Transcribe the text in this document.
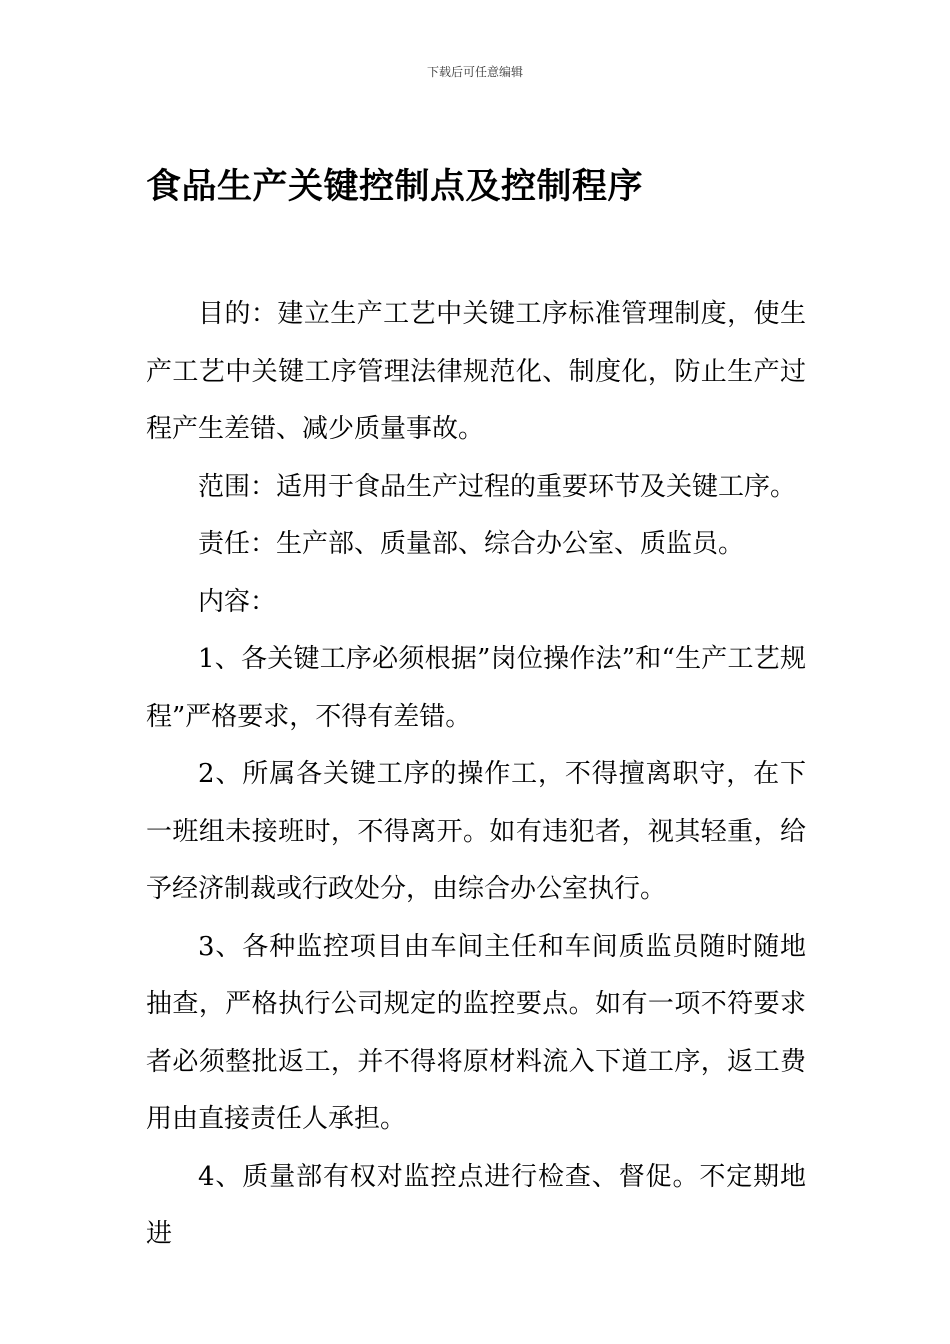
下载后可任意编辑
食品生产关键控制点及控制程序

目的：建立生产工艺中关键工序标准管理制度，使生产工艺中关键工序管理法律规范化、制度化，防止生产过程产生差错、减少质量事故。

范围：适用于食品生产过程的重要环节及关键工序。

责任：生产部、质量部、综合办公室、质监员。

内容：

1、各关键工序必须根据”岗位操作法”和“生产工艺规程”严格要求，不得有差错。

2、所属各关键工序的操作工，不得擅离职守，在下一班组未接班时，不得离开。如有违犯者，视其轻重，给予经济制裁或行政处分，由综合办公室执行。

3、各种监控项目由车间主任和车间质监员随时随地抽查，严格执行公司规定的监控要点。如有一项不符要求者必须整批返工，并不得将原材料流入下道工序，返工费用由直接责任人承担。

4、质量部有权对监控点进行检查、督促。不定期地进
